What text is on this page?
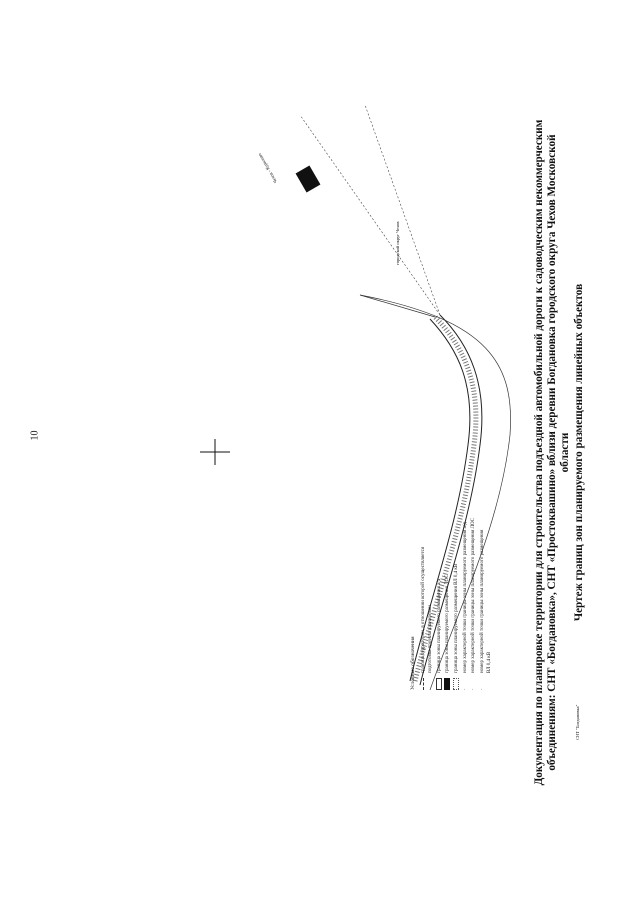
10	Документация по планировке территории для строительства подъездной автомобильной дороги к садоводческим некоммерческим объединениям: СНТ «Богдановка», СНТ «Простоквашино» вблизи деревни Богдановка городского округа Чехов Московской области Чертеж границ зон планируемого размещения линейных объектов
Условные обозначения граница территории, в отношении которой осуществляется подготовка проекта планировки граница зоны планируемого размещения а/д граница зоны планируемого размещения ЛОС граница зоны планируемого размещения ВЛ 0,4 кВ
·
номер характерной точки границы зоны планируемого размещения а/д
·
номер характерной точки границы зоны планируемого размещения ЛОС
·
номер характерной точки границы зоны планируемого размещения ВЛ 0,4 кВ
СНТ "Богдановка"
городской округ Чехов
Чехов - Курилово
